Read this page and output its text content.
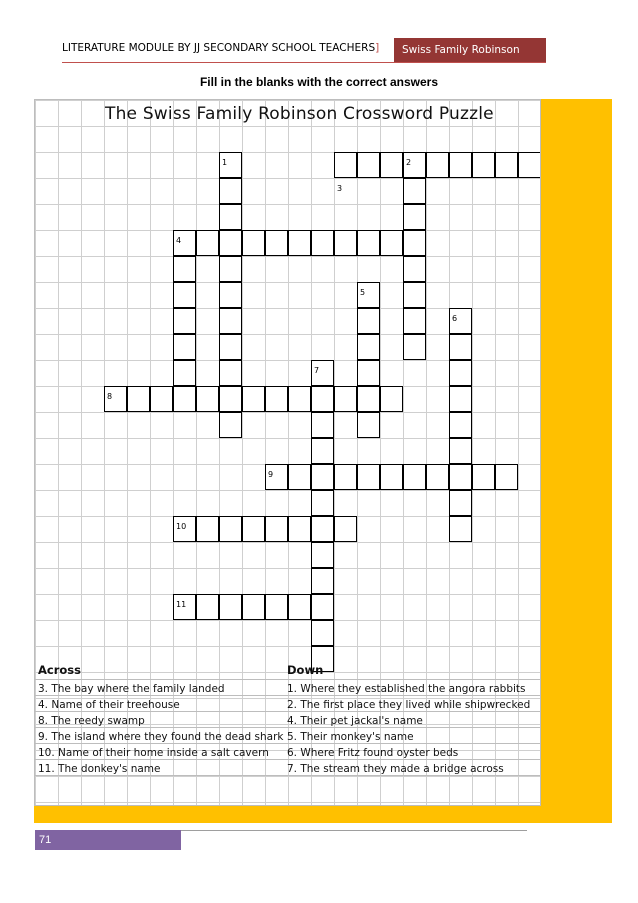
LITERATURE MODULE BY JJ SECONDARY SCHOOL TEACHERS]	Swiss Family Robinson
Fill in the blanks with the correct answers
The Swiss Family Robinson Crossword Puzzle
1	2
3
4
5
6
7
8
9
10
11
Across	Down
3. The bay where the family landed
4. Name of their treehouse
8. The reedy swamp
9. The island where they found the dead shark
10. Name of their home inside a salt cavern
11. The donkey's name
1. Where they established the angora rabbits
2. The first place they lived while shipwrecked
4. Their pet jackal's name
5. Their monkey's name
6. Where Fritz found oyster beds
7. The stream they made a bridge across
71
